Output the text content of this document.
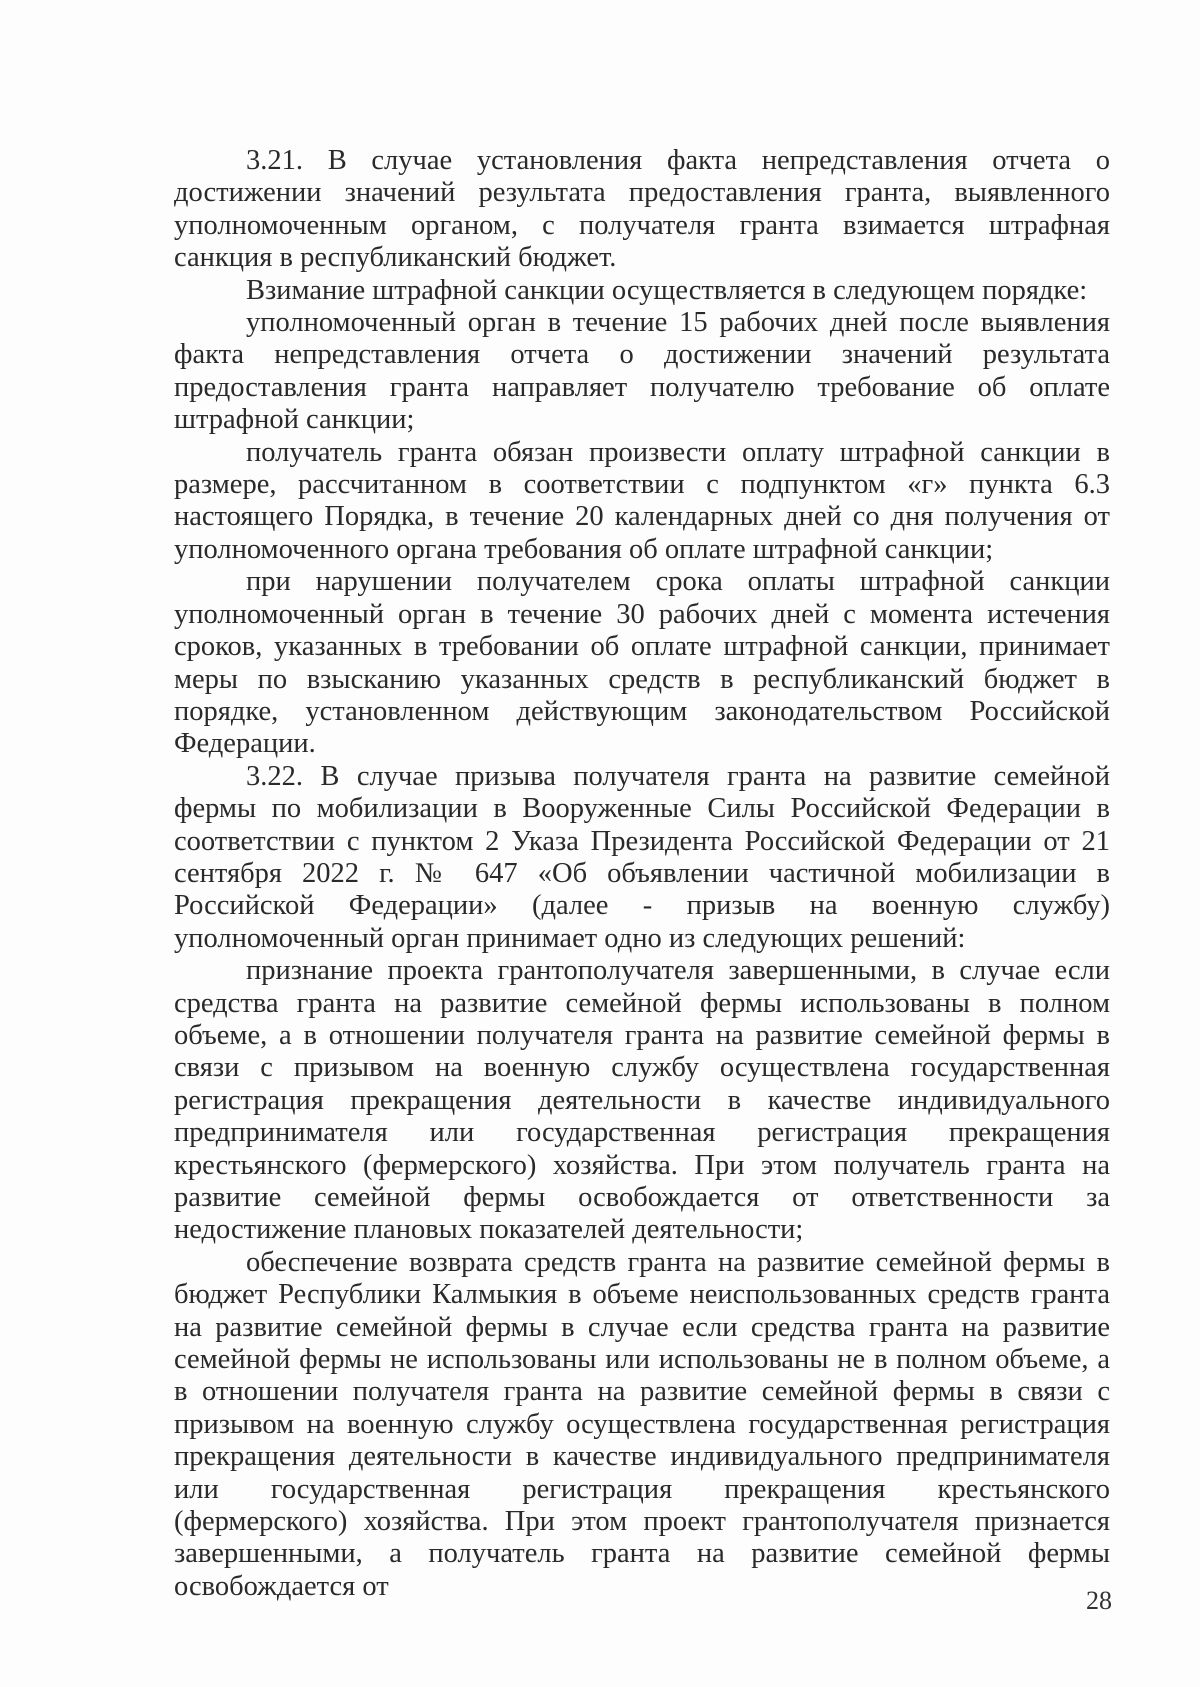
3.21. В случае установления факта непредставления отчета о достижении значений результата предоставления гранта, выявленного уполномоченным органом, с получателя гранта взимается штрафная санкция в республиканский бюджет.

Взимание штрафной санкции осуществляется в следующем порядке:

уполномоченный орган в течение 15 рабочих дней после выявления факта непредставления отчета о достижении значений результата предоставления гранта направляет получателю требование об оплате штрафной санкции;

получатель гранта обязан произвести оплату штрафной санкции в размере, рассчитанном в соответствии с подпунктом «г» пункта 6.3 настоящего Порядка, в течение 20 календарных дней со дня получения от уполномоченного органа требования об оплате штрафной санкции;

при нарушении получателем срока оплаты штрафной санкции уполномоченный орган в течение 30 рабочих дней с момента истечения сроков, указанных в требовании об оплате штрафной санкции, принимает меры по взысканию указанных средств в республиканский бюджет в порядке, установленном действующим законодательством Российской Федерации.

3.22. В случае призыва получателя гранта на развитие семейной фермы по мобилизации в Вооруженные Силы Российской Федерации в соответствии с пунктом 2 Указа Президента Российской Федерации от 21 сентября 2022 г. № 647 «Об объявлении частичной мобилизации в Российской Федерации» (далее - призыв на военную службу) уполномоченный орган принимает одно из следующих решений:

признание проекта грантополучателя завершенными, в случае если средства гранта на развитие семейной фермы использованы в полном объеме, а в отношении получателя гранта на развитие семейной фермы в связи с призывом на военную службу осуществлена государственная регистрация прекращения деятельности в качестве индивидуального предпринимателя или государственная регистрация прекращения крестьянского (фермерского) хозяйства. При этом получатель гранта на развитие семейной фермы освобождается от ответственности за недостижение плановых показателей деятельности;

обеспечение возврата средств гранта на развитие семейной фермы в бюджет Республики Калмыкия в объеме неиспользованных средств гранта на развитие семейной фермы в случае если средства гранта на развитие семейной фермы не использованы или использованы не в полном объеме, а в отношении получателя гранта на развитие семейной фермы в связи с призывом на военную службу осуществлена государственная регистрация прекращения деятельности в качестве индивидуального предпринимателя или государственная регистрация прекращения крестьянского (фермерского) хозяйства. При этом проект грантополучателя признается завершенными, а получатель гранта на развитие семейной фермы освобождается от	28
